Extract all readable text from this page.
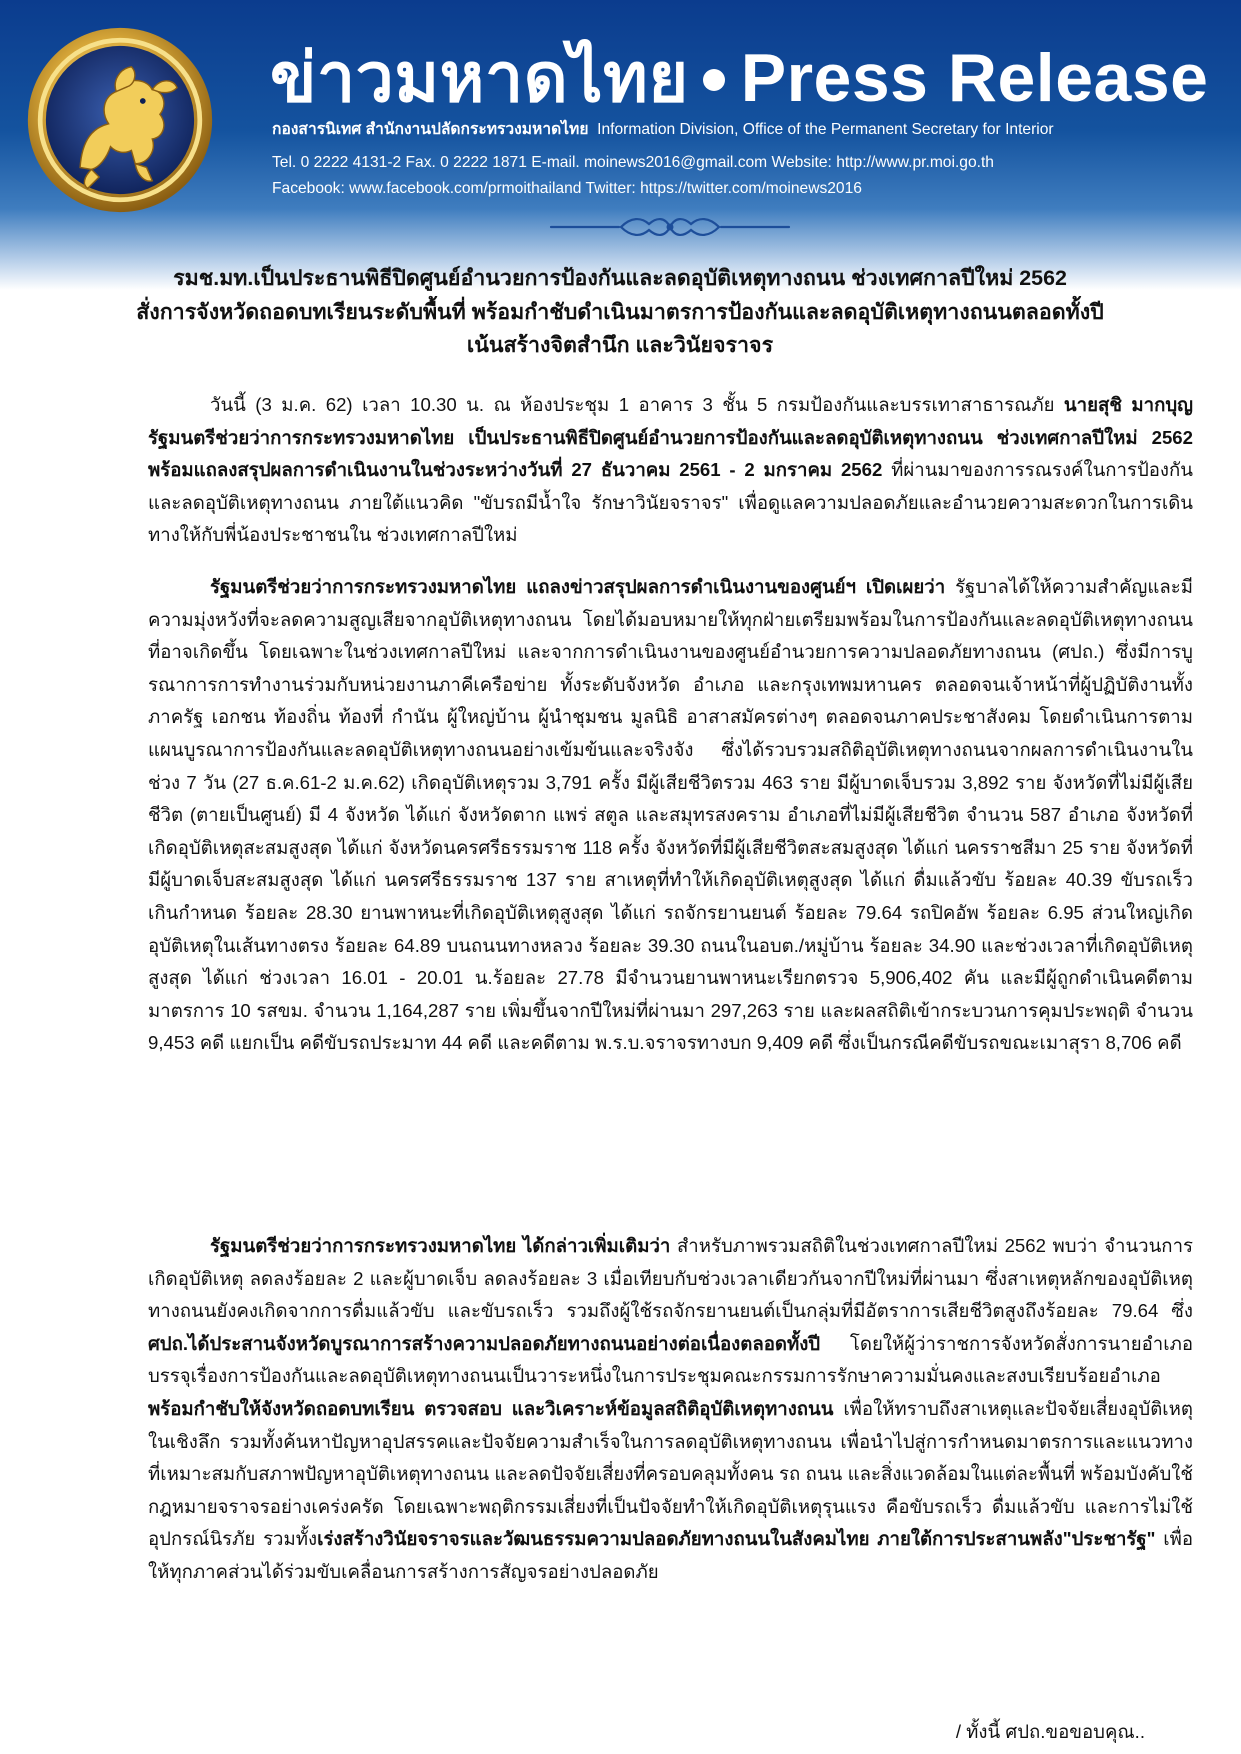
ข่าวมหาดไทย Press Release
กองสารนิเทศ สำนักงานปลัดกระทรวงมหาดไทย Information Division, Office of the Permanent Secretary for Interior
Tel. 0 2222 4131-2 Fax. 0 2222 1871 E-mail. moinews2016@gmail.com Website: http://www.pr.moi.go.th
Facebook: www.facebook.com/prmoithailand Twitter: https://twitter.com/moinews2016
รมช.มท.เป็นประธานพิธีปิดศูนย์อำนวยการป้องกันและลดอุบัติเหตุทางถนน ช่วงเทศกาลปีใหม่ 2562
สั่งการจังหวัดถอดบทเรียนระดับพื้นที่ พร้อมกำชับดำเนินมาตรการป้องกันและลดอุบัติเหตุทางถนนตลอดทั้งปี
เน้นสร้างจิตสำนึก และวินัยจราจร

วันนี้ (3 ม.ค. 62) เวลา 10.30 น. ณ ห้องประชุม 1 อาคาร 3 ชั้น 5 กรมป้องกันและบรรเทาสาธารณภัย นายสุชิ มากบุญ รัฐมนตรีช่วยว่าการกระทรวงมหาดไทย เป็นประธานพิธีปิดศูนย์อำนวยการป้องกันและลดอุบัติเหตุทางถนน ช่วงเทศกาลปีใหม่ 2562 พร้อมแถลงสรุปผลการดำเนินงานในช่วงระหว่างวันที่ 27 ธันวาคม 2561 - 2 มกราคม 2562 ที่ผ่านมาของการรณรงค์ในการป้องกันและลดอุบัติเหตุทางถนน ภายใต้แนวคิด "ขับรถมีน้ำใจ รักษาวินัยจราจร" เพื่อดูแลความปลอดภัยและอำนวยความสะดวกในการเดินทางให้กับพี่น้องประชาชนใน ช่วงเทศกาลปีใหม่

รัฐมนตรีช่วยว่าการกระทรวงมหาดไทย แถลงข่าวสรุปผลการดำเนินงานของศูนย์ฯ เปิดเผยว่า รัฐบาลได้ให้ความสำคัญและมีความมุ่งหวังที่จะลดความสูญเสียจากอุบัติเหตุทางถนน โดยได้มอบหมายให้ทุกฝ่ายเตรียมพร้อมในการป้องกันและลดอุบัติเหตุทางถนนที่อาจเกิดขึ้น โดยเฉพาะในช่วงเทศกาลปีใหม่ และจากการดำเนินงานของศูนย์อำนวยการความปลอดภัยทางถนน (ศปถ.) ซึ่งมีการบูรณาการการทำงานร่วมกับหน่วยงานภาคีเครือข่าย ทั้งระดับจังหวัด อำเภอ และกรุงเทพมหานคร ตลอดจนเจ้าหน้าที่ผู้ปฏิบัติงานทั้งภาครัฐ เอกชน ท้องถิ่น ท้องที่ กำนัน ผู้ใหญ่บ้าน ผู้นำชุมชน มูลนิธิ อาสาสมัครต่างๆ ตลอดจนภาคประชาสังคม โดยดำเนินการตามแผนบูรณาการป้องกันและลดอุบัติเหตุทางถนนอย่างเข้มข้นและจริงจัง ซึ่งได้รวบรวมสถิติอุบัติเหตุทางถนนจากผลการดำเนินงานในช่วง 7 วัน (27 ธ.ค.61-2 ม.ค.62) เกิดอุบัติเหตุรวม 3,791 ครั้ง มีผู้เสียชีวิตรวม 463 ราย มีผู้บาดเจ็บรวม 3,892 ราย จังหวัดที่ไม่มีผู้เสียชีวิต (ตายเป็นศูนย์) มี 4 จังหวัด ได้แก่ จังหวัดตาก แพร่ สตูล และสมุทรสงคราม อำเภอที่ไม่มีผู้เสียชีวิต จำนวน 587 อำเภอ จังหวัดที่เกิดอุบัติเหตุสะสมสูงสุด ได้แก่ จังหวัดนครศรีธรรมราช 118 ครั้ง จังหวัดที่มีผู้เสียชีวิตสะสมสูงสุด ได้แก่ นครราชสีมา 25 ราย จังหวัดที่มีผู้บาดเจ็บสะสมสูงสุด ได้แก่ นครศรีธรรมราช 137 ราย สาเหตุที่ทำให้เกิดอุบัติเหตุสูงสุด ได้แก่ ดื่มแล้วขับ ร้อยละ 40.39 ขับรถเร็วเกินกำหนด ร้อยละ 28.30 ยานพาหนะที่เกิดอุบัติเหตุสูงสุด ได้แก่ รถจักรยานยนต์ ร้อยละ 79.64 รถปิคอัพ ร้อยละ 6.95 ส่วนใหญ่เกิดอุบัติเหตุในเส้นทางตรง ร้อยละ 64.89 บนถนนทางหลวง ร้อยละ 39.30 ถนนในอบต./หมู่บ้าน ร้อยละ 34.90 และช่วงเวลาที่เกิดอุบัติเหตุสูงสุด ได้แก่ ช่วงเวลา 16.01 - 20.01 น.ร้อยละ 27.78 มีจำนวนยานพาหนะเรียกตรวจ 5,906,402 คัน และมีผู้ถูกดำเนินคดีตามมาตรการ 10 รสขม. จำนวน 1,164,287 ราย เพิ่มขึ้นจากปีใหม่ที่ผ่านมา 297,263 ราย และผลสถิติเข้ากระบวนการคุมประพฤติ จำนวน 9,453 คดี แยกเป็น คดีขับรถประมาท 44 คดี และคดีตาม พ.ร.บ.จราจรทางบก 9,409 คดี ซึ่งเป็นกรณีคดีขับรถขณะเมาสุรา 8,706 คดี

รัฐมนตรีช่วยว่าการกระทรวงมหาดไทย ได้กล่าวเพิ่มเติมว่า สำหรับภาพรวมสถิติในช่วงเทศกาลปีใหม่ 2562 พบว่า จำนวนการเกิดอุบัติเหตุ ลดลงร้อยละ 2 และผู้บาดเจ็บ ลดลงร้อยละ 3 เมื่อเทียบกับช่วงเวลาเดียวกันจากปีใหม่ที่ผ่านมา ซึ่งสาเหตุหลักของอุบัติเหตุทางถนนยังคงเกิดจากการดื่มแล้วขับ และขับรถเร็ว รวมถึงผู้ใช้รถจักรยานยนต์เป็นกลุ่มที่มีอัตราการเสียชีวิตสูงถึงร้อยละ 79.64 ซึ่ง ศปถ.ได้ประสานจังหวัดบูรณาการสร้างความปลอดภัยทางถนนอย่างต่อเนื่องตลอดทั้งปี โดยให้ผู้ว่าราชการจังหวัดสั่งการนายอำเภอบรรจุเรื่องการป้องกันและลดอุบัติเหตุทางถนนเป็นวาระหนึ่งในการประชุมคณะกรรมการรักษาความมั่นคงและสงบเรียบร้อยอำเภอ พร้อมกำชับให้จังหวัดถอดบทเรียน ตรวจสอบ และวิเคราะห์ข้อมูลสถิติอุบัติเหตุทางถนน เพื่อให้ทราบถึงสาเหตุและปัจจัยเสี่ยงอุบัติเหตุในเชิงลึก รวมทั้งค้นหาปัญหาอุปสรรคและปัจจัยความสำเร็จในการลดอุบัติเหตุทางถนน เพื่อนำไปสู่การกำหนดมาตรการและแนวทางที่เหมาะสมกับสภาพปัญหาอุบัติเหตุทางถนน และลดปัจจัยเสี่ยงที่ครอบคลุมทั้งคน รถ ถนน และสิ่งแวดล้อมในแต่ละพื้นที่ พร้อมบังคับใช้กฎหมายจราจรอย่างเคร่งครัด โดยเฉพาะพฤติกรรมเสี่ยงที่เป็นปัจจัยทำให้เกิดอุบัติเหตุรุนแรง คือขับรถเร็ว ดื่มแล้วขับ และการไม่ใช้อุปกรณ์นิรภัย รวมทั้งเร่งสร้างวินัยจราจรและวัฒนธรรมความปลอดภัยทางถนนในสังคมไทย ภายใต้การประสานพลัง"ประชารัฐ" เพื่อให้ทุกภาคส่วนได้ร่วมขับเคลื่อนการสร้างการสัญจรอย่างปลอดภัย

/ ทั้งนี้ ศปถ.ขอขอบคุณ..
